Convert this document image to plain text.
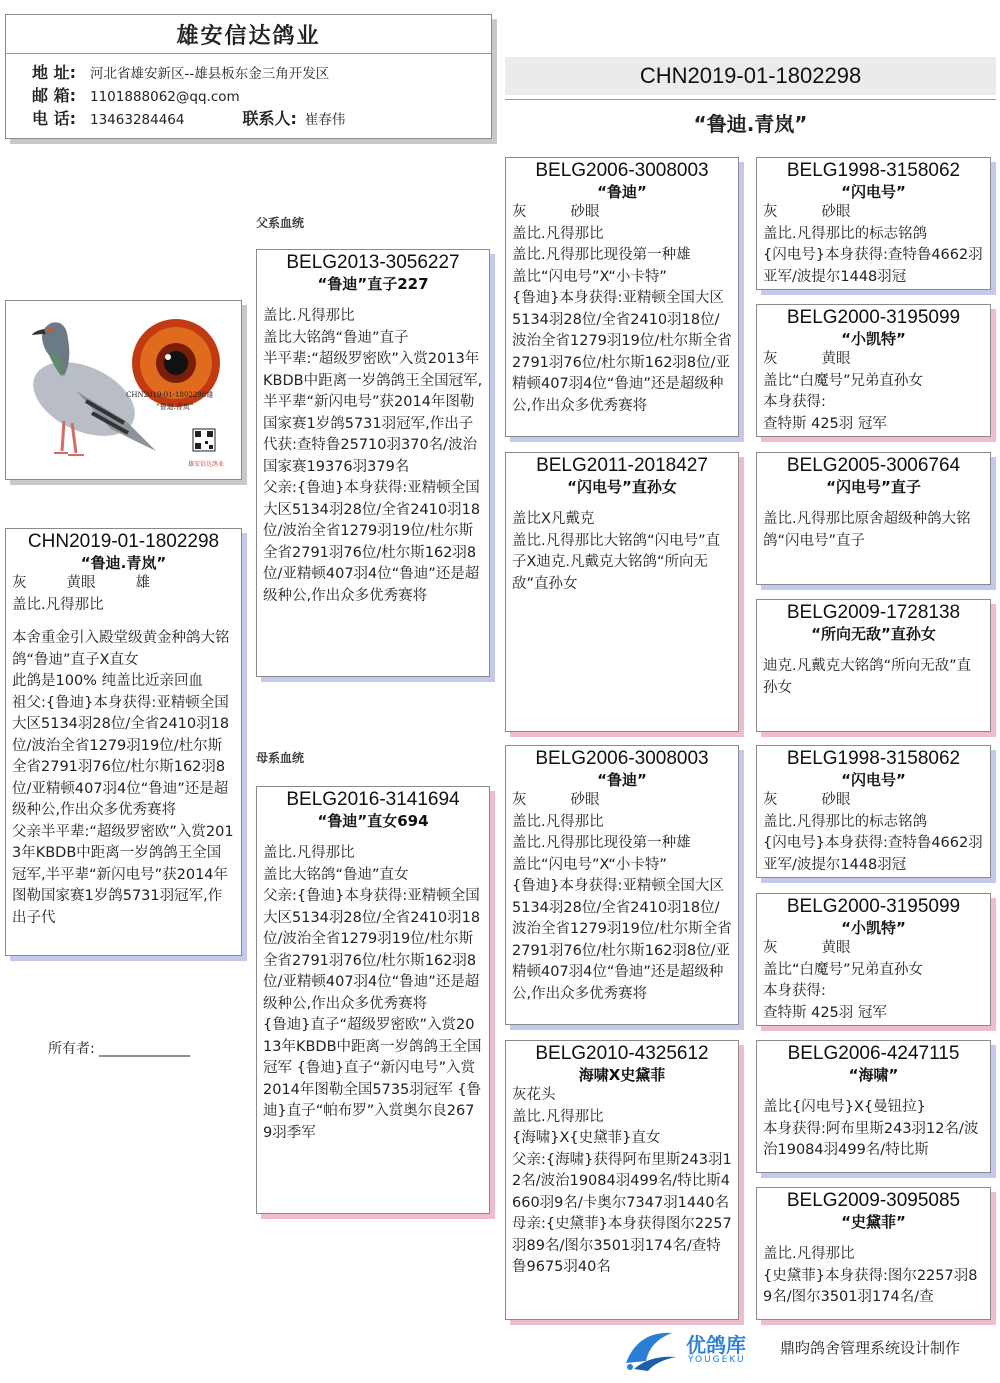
雄安信达鸽业
地 址: 河北省雄安新区--雄县板东金三角开发区
邮 箱: 1101888062@qq.com
电 话: 13463284464	联系人: 崔春伟
CHN2019-01-1802298
“鲁迪.青岚”
CHN2019-01-1802298雄
“鲁迪.青岚”
雄安信达鸽业
CHN2019-01-1802298
“鲁迪.青岚”
灰	黄眼	雄
盖比.凡得那比
本舍重金引入殿堂级黄金种鸽大铭鸽“鲁迪”直子X直女
此鸽是100% 纯盖比近亲回血
祖父:{鲁迪}本身获得:亚精顿全国大区5134羽28位/全省2410羽18位/波治全省1279羽19位/杜尔斯全省2791羽76位/杜尔斯162羽8位/亚精顿407羽4位“鲁迪”还是超级种公,作出众多优秀赛将
父亲半平辈:“超级罗密欧”入赏2013年KBDB中距离一岁鸽鸽王全国冠军,半平辈“新闪电号”获2014年图勒国家赛1岁鸽5731羽冠军,作出子代
所有者: _____________
父系血统
母系血统
BELG2013-3056227
“鲁迪”直子227
盖比.凡得那比
盖比大铭鸽“鲁迪”直子
半平辈:“超级罗密欧”入赏2013年KBDB中距离一岁鸽鸽王全国冠军,半平辈“新闪电号”获2014年图勒国家赛1岁鸽5731羽冠军,作出子代获:查特鲁25710羽370名/波治国家赛19376羽379名
父亲:{鲁迪}本身获得:亚精顿全国大区5134羽28位/全省2410羽18位/波治全省1279羽19位/杜尔斯全省2791羽76位/杜尔斯162羽8位/亚精顿407羽4位“鲁迪”还是超级种公,作出众多优秀赛将
BELG2016-3141694
“鲁迪”直女694
盖比.凡得那比
盖比大铭鸽“鲁迪”直女
父亲:{鲁迪}本身获得:亚精顿全国大区5134羽28位/全省2410羽18位/波治全省1279羽19位/杜尔斯全省2791羽76位/杜尔斯162羽8位/亚精顿407羽4位“鲁迪”还是超级种公,作出众多优秀赛将
{鲁迪}直子“超级罗密欧”入赏2013年KBDB中距离一岁鸽鸽王全国冠军 {鲁迪}直子“新闪电号”入赏2014年图勒全国5735羽冠军 {鲁迪}直子“帕布罗”入赏奥尔良2679羽季军
BELG2006-3008003
“鲁迪”
灰	砂眼
盖比.凡得那比
盖比.凡得那比现役第一种雄
盖比“闪电号”X“小卡特”
{鲁迪}本身获得:亚精顿全国大区5134羽28位/全省2410羽18位/波治全省1279羽19位/杜尔斯全省2791羽76位/杜尔斯162羽8位/亚精顿407羽4位“鲁迪”还是超级种公,作出众多优秀赛将
BELG2011-2018427
“闪电号”直孙女
盖比X凡戴克
盖比.凡得那比大铭鸽“闪电号”直子X迪克.凡戴克大铭鸽“所向无敌”直孙女
BELG2006-3008003
“鲁迪”
灰	砂眼
盖比.凡得那比
盖比.凡得那比现役第一种雄
盖比“闪电号”X“小卡特”
{鲁迪}本身获得:亚精顿全国大区5134羽28位/全省2410羽18位/波治全省1279羽19位/杜尔斯全省2791羽76位/杜尔斯162羽8位/亚精顿407羽4位“鲁迪”还是超级种公,作出众多优秀赛将
BELG2010-4325612
海啸X史黛菲
灰花头
盖比.凡得那比
{海啸}X{史黛菲}直女
父亲:{海啸}获得阿布里斯243羽12名/波治19084羽499名/特比斯4660羽9名/卡奥尔7347羽1440名
母亲:{史黛菲}本身获得图尔2257羽89名/图尔3501羽174名/查特鲁9675羽40名
BELG1998-3158062
“闪电号”
灰	砂眼
盖比.凡得那比的标志铭鸽
{闪电号}本身获得:查特鲁4662羽亚军/波提尔1448羽冠
BELG2000-3195099
“小凯特”
灰	黄眼
盖比“白魔号”兄弟直孙女
本身获得:
查特斯 425羽 冠军
BELG2005-3006764
“闪电号”直子
盖比.凡得那比原舍超级种鸽大铭鸽“闪电号”直子
BELG2009-1728138
“所向无敌”直孙女
迪克.凡戴克大铭鸽“所向无敌”直孙女
BELG1998-3158062
“闪电号”
灰	砂眼
盖比.凡得那比的标志铭鸽
{闪电号}本身获得:查特鲁4662羽亚军/波提尔1448羽冠
BELG2000-3195099
“小凯特”
灰	黄眼
盖比“白魔号”兄弟直孙女
本身获得:
查特斯 425羽 冠军
BELG2006-4247115
“海啸”
盖比{闪电号}X{曼钮拉}
本身获得:阿布里斯243羽12名/波治19084羽499名/特比斯
BELG2009-3095085
“史黛菲”
盖比.凡得那比
{史黛菲}本身获得:图尔2257羽89名/图尔3501羽174名/查
优鸽库
YOUGEKU
鼎昀鸽舍管理系统设计制作
